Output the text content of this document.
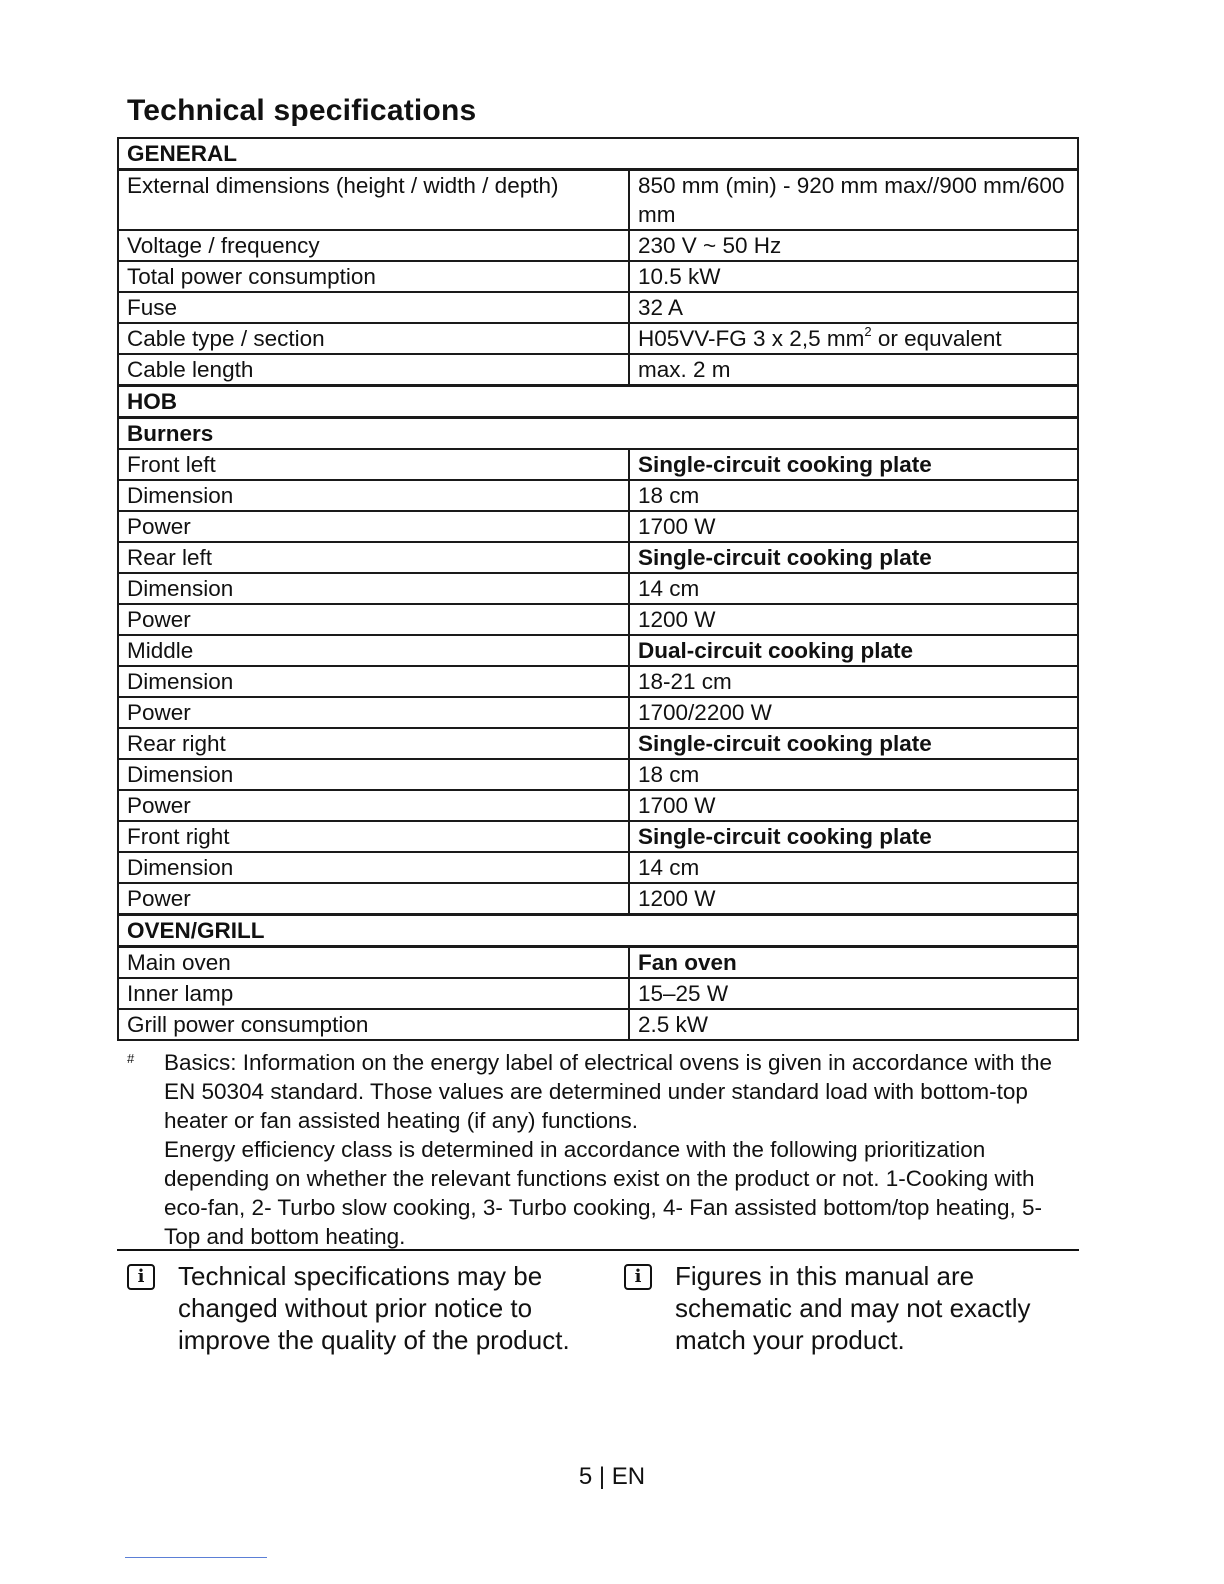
Technical specifications
GENERAL	
External dimensions (height / width / depth)	850 mm (min) - 920 mm max//900 mm/600 mm
Voltage / frequency	230 V ~ 50 Hz
Total power consumption	10.5 kW
Fuse	32 A
Cable type / section	H05VV-FG 3 x 2,5 $mm^2$ or equvalent
Cable length	max. 2 m
HOB	
Burners	
Front left	Single-circuit cooking plate
Dimension	18 cm
Power	1700 W
Rear left	Single-circuit cooking plate
Dimension	14 cm
Power	1200 W
Middle	Dual-circuit cooking plate
Dimension	18-21 cm
Power	1700/2200 W
Rear right	Single-circuit cooking plate
Dimension	18 cm
Power	1700 W
Front right	Single-circuit cooking plate
Dimension	14 cm
Power	1200 W
OVEN/GRILL	
Main oven	Fan oven
Inner lamp	15–25 W
Grill power consumption	2.5 kW
# Basics: Information on the energy label of electrical ovens is given in accordance with the EN 50304 standard. Those values are determined under standard load with bottom-top heater or fan assisted heating (if any) functions.

Energy efficiency class is determined in accordance with the following prioritization depending on whether the relevant functions exist on the product or not. 1-Cooking with eco-fan, 2- Turbo slow cooking, 3- Turbo cooking, 4- Fan assisted bottom/top heating, 5-Top and bottom heating.

i Technical specifications may be changed without prior notice to improve the quality of the product.
i Figures in this manual are schematic and may not exactly match your product.
5 | EN
